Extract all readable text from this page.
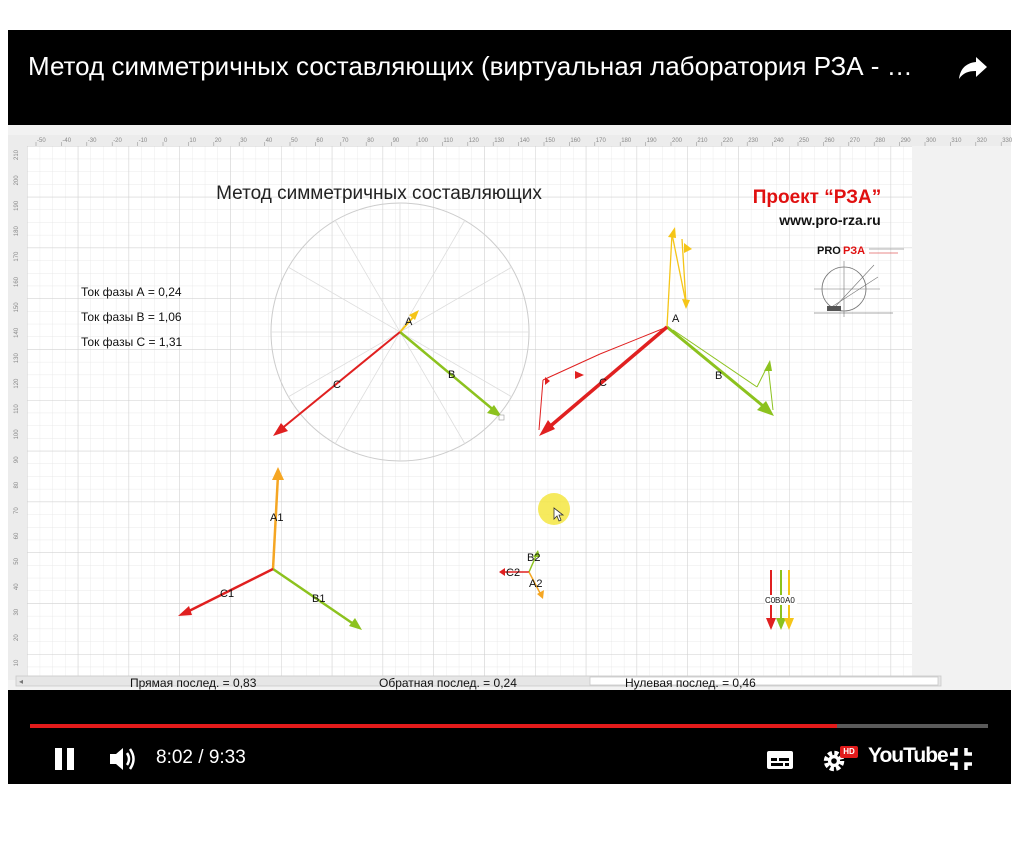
Метод симметричных составляющих (виртуальная лаборатория РЗА - …
-50	-40	-30	-20	-10	0	10	20	30	40	50	60	70	80	90	100	110	120	130	140	150	160	170	180	190	200	210	220	230	240	250	260	270	280	290	300	310	320	330
210
200
190
180
170
160
150
140
130
120
110
100
90
80
70
60
50
40
30
20
10
◂
Метод симметричных составляющих	Проект “РЗА”
www.pro-rza.ru
PRO РЗА
Ток фазы А = 0,24
Ток фазы В = 1,06
Ток фазы С = 1,31
A
B
C
A
B
C
A1
B1
C1
B2
C2
A2
C0 B0 A0
Прямая послед. = 0,83	Обратная послед. = 0,24	Нулевая послед. = 0,46
8:02 / 9:33	HD YouTube
